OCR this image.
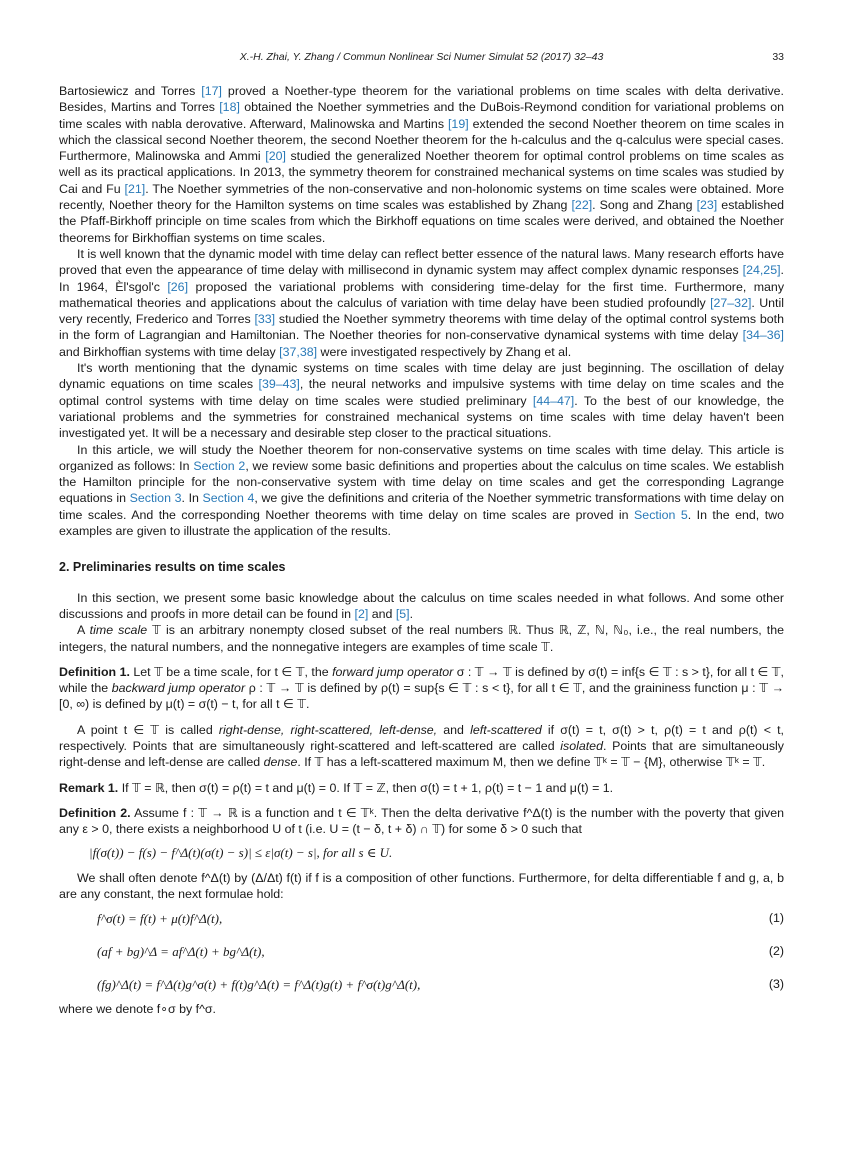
X.-H. Zhai, Y. Zhang / Commun Nonlinear Sci Numer Simulat 52 (2017) 32–43	33

Bartosiewicz and Torres [17] proved a Noether-type theorem for the variational problems on time scales with delta derivative. Besides, Martins and Torres [18] obtained the Noether symmetries and the DuBois-Reymond condition for variational problems on time scales with nabla derovative. Afterward, Malinowska and Martins [19] extended the second Noether theorem on time scales in which the classical second Noether theorem, the second Noether theorem for the h-calculus and the q-calculus were special cases. Furthermore, Malinowska and Ammi [20] studied the generalized Noether theorem for optimal control problems on time scales as well as its practical applications. In 2013, the symmetry theorem for constrained mechanical systems on time scales was studied by Cai and Fu [21]. The Noether symmetries of the non-conservative and non-holonomic systems on time scales were obtained. More recently, Noether theory for the Hamilton systems on time scales was established by Zhang [22]. Song and Zhang [23] established the Pfaff-Birkhoff principle on time scales from which the Birkhoff equations on time scales were derived, and obtained the Noether theorems for Birkhoffian systems on time scales.

It is well known that the dynamic model with time delay can reflect better essence of the natural laws. Many research efforts have proved that even the appearance of time delay with millisecond in dynamic system may affect complex dynamic responses [24,25]. In 1964, Èl'sgol'c [26] proposed the variational problems with considering time-delay for the first time. Furthermore, many mathematical theories and applications about the calculus of variation with time delay have been studied profoundly [27–32]. Until very recently, Frederico and Torres [33] studied the Noether symmetry theorems with time delay of the optimal control systems both in the form of Lagrangian and Hamiltonian. The Noether theories for non-conservative dynamical systems with time delay [34–36] and Birkhoffian systems with time delay [37,38] were investigated respectively by Zhang et al.

It's worth mentioning that the dynamic systems on time scales with time delay are just beginning. The oscillation of delay dynamic equations on time scales [39–43], the neural networks and impulsive systems with time delay on time scales and the optimal control systems with time delay on time scales were studied preliminary [44–47]. To the best of our knowledge, the variational problems and the symmetries for constrained mechanical systems on time scales with time delay haven't been investigated yet. It will be a necessary and desirable step closer to the practical situations.

In this article, we will study the Noether theorem for non-conservative systems on time scales with time delay. This article is organized as follows: In Section 2, we review some basic definitions and properties about the calculus on time scales. We establish the Hamilton principle for the non-conservative system with time delay on time scales and get the corresponding Lagrange equations in Section 3. In Section 4, we give the definitions and criteria of the Noether symmetric transformations with time delay on time scales. And the corresponding Noether theorems with time delay on time scales are proved in Section 5. In the end, two examples are given to illustrate the application of the results.

2. Preliminaries results on time scales

In this section, we present some basic knowledge about the calculus on time scales needed in what follows. And some other discussions and proofs in more detail can be found in [2] and [5].

A time scale 𝕋 is an arbitrary nonempty closed subset of the real numbers ℝ. Thus ℝ, ℤ, ℕ, ℕ₀, i.e., the real numbers, the integers, the natural numbers, and the nonnegative integers are examples of time scale 𝕋.

Definition 1. Let 𝕋 be a time scale, for t ∈ 𝕋, the forward jump operator σ : 𝕋 → 𝕋 is defined by σ(t) = inf{s ∈ 𝕋 : s > t}, for all t ∈ 𝕋, while the backward jump operator ρ : 𝕋 → 𝕋 is defined by ρ(t) = sup{s ∈ 𝕋 : s < t}, for all t ∈ 𝕋, and the graininess function μ : 𝕋 → [0, ∞) is defined by μ(t) = σ(t) − t, for all t ∈ 𝕋.

A point t ∈ 𝕋 is called right-dense, right-scattered, left-dense, and left-scattered if σ(t) = t, σ(t) > t, ρ(t) = t and ρ(t) < t, respectively. Points that are simultaneously right-scattered and left-scattered are called isolated. Points that are simultaneously right-dense and left-dense are called dense. If 𝕋 has a left-scattered maximum M, then we define 𝕋ᵏ = 𝕋 − {M}, otherwise 𝕋ᵏ = 𝕋.

Remark 1. If 𝕋 = ℝ, then σ(t) = ρ(t) = t and μ(t) = 0. If 𝕋 = ℤ, then σ(t) = t + 1, ρ(t) = t − 1 and μ(t) = 1.

Definition 2. Assume f : 𝕋 → ℝ is a function and t ∈ 𝕋ᵏ. Then the delta derivative f^Δ(t) is the number with the poverty that given any ε > 0, there exists a neighborhood U of t (i.e. U = (t − δ, t + δ) ∩ 𝕋) for some δ > 0 such that

|f(σ(t)) − f(s) − f^Δ(t)(σ(t) − s)| ≤ ε|σ(t) − s|, for all s ∈ U.

We shall often denote f^Δ(t) by (Δ/Δt) f(t) if f is a composition of other functions. Furthermore, for delta differentiable f and g, a, b are any constant, the next formulae hold:

f^σ(t) = f(t) + μ(t)f^Δ(t),	(1)
(af + bg)^Δ = af^Δ(t) + bg^Δ(t),	(2)
(fg)^Δ(t) = f^Δ(t)g^σ(t) + f(t)g^Δ(t) = f^Δ(t)g(t) + f^σ(t)g^Δ(t),	(3)

where we denote f∘σ by f^σ.
